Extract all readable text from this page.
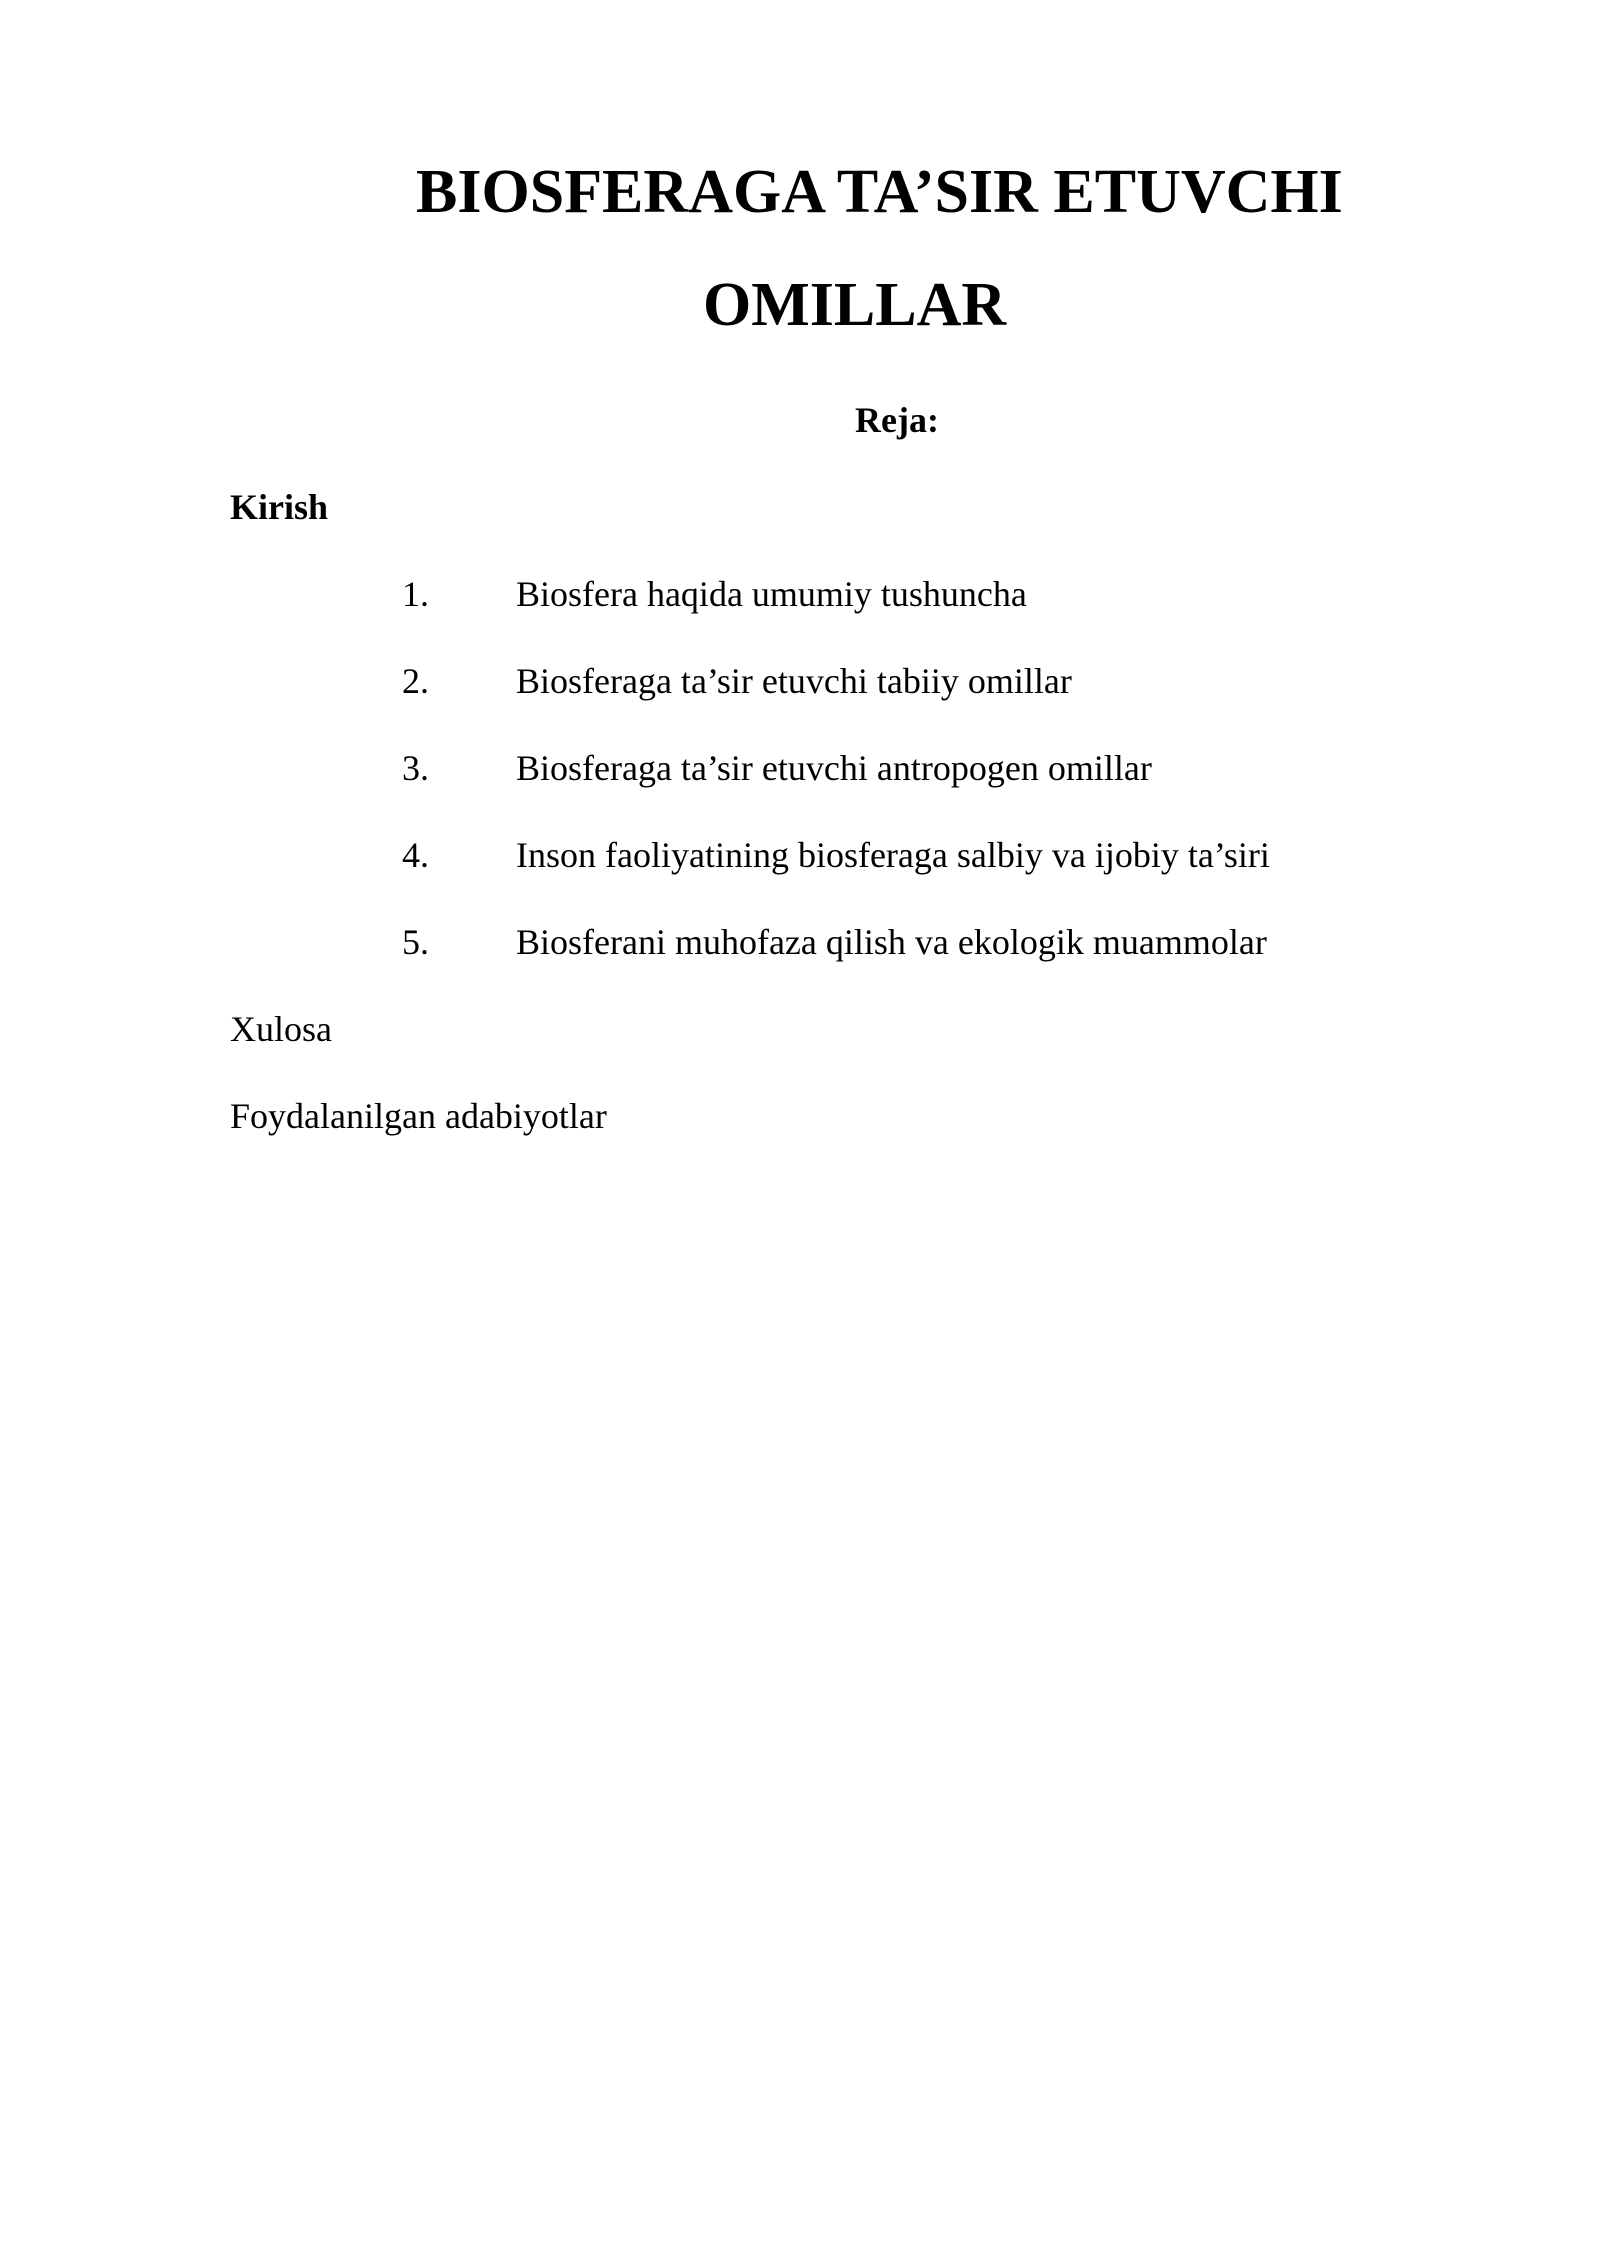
BIOSFERAGA TA’SIR ETUVCHI
OMILLAR
Reja:
Kirish
1. Biosfera haqida umumiy tushuncha
2. Biosferaga ta’sir etuvchi tabiiy omillar
3. Biosferaga ta’sir etuvchi antropogen omillar
4. Inson faoliyatining biosferaga salbiy va ijobiy ta’siri
5. Biosferani muhofaza qilish va ekologik muammolar
Xulosa
Foydalanilgan adabiyotlar
